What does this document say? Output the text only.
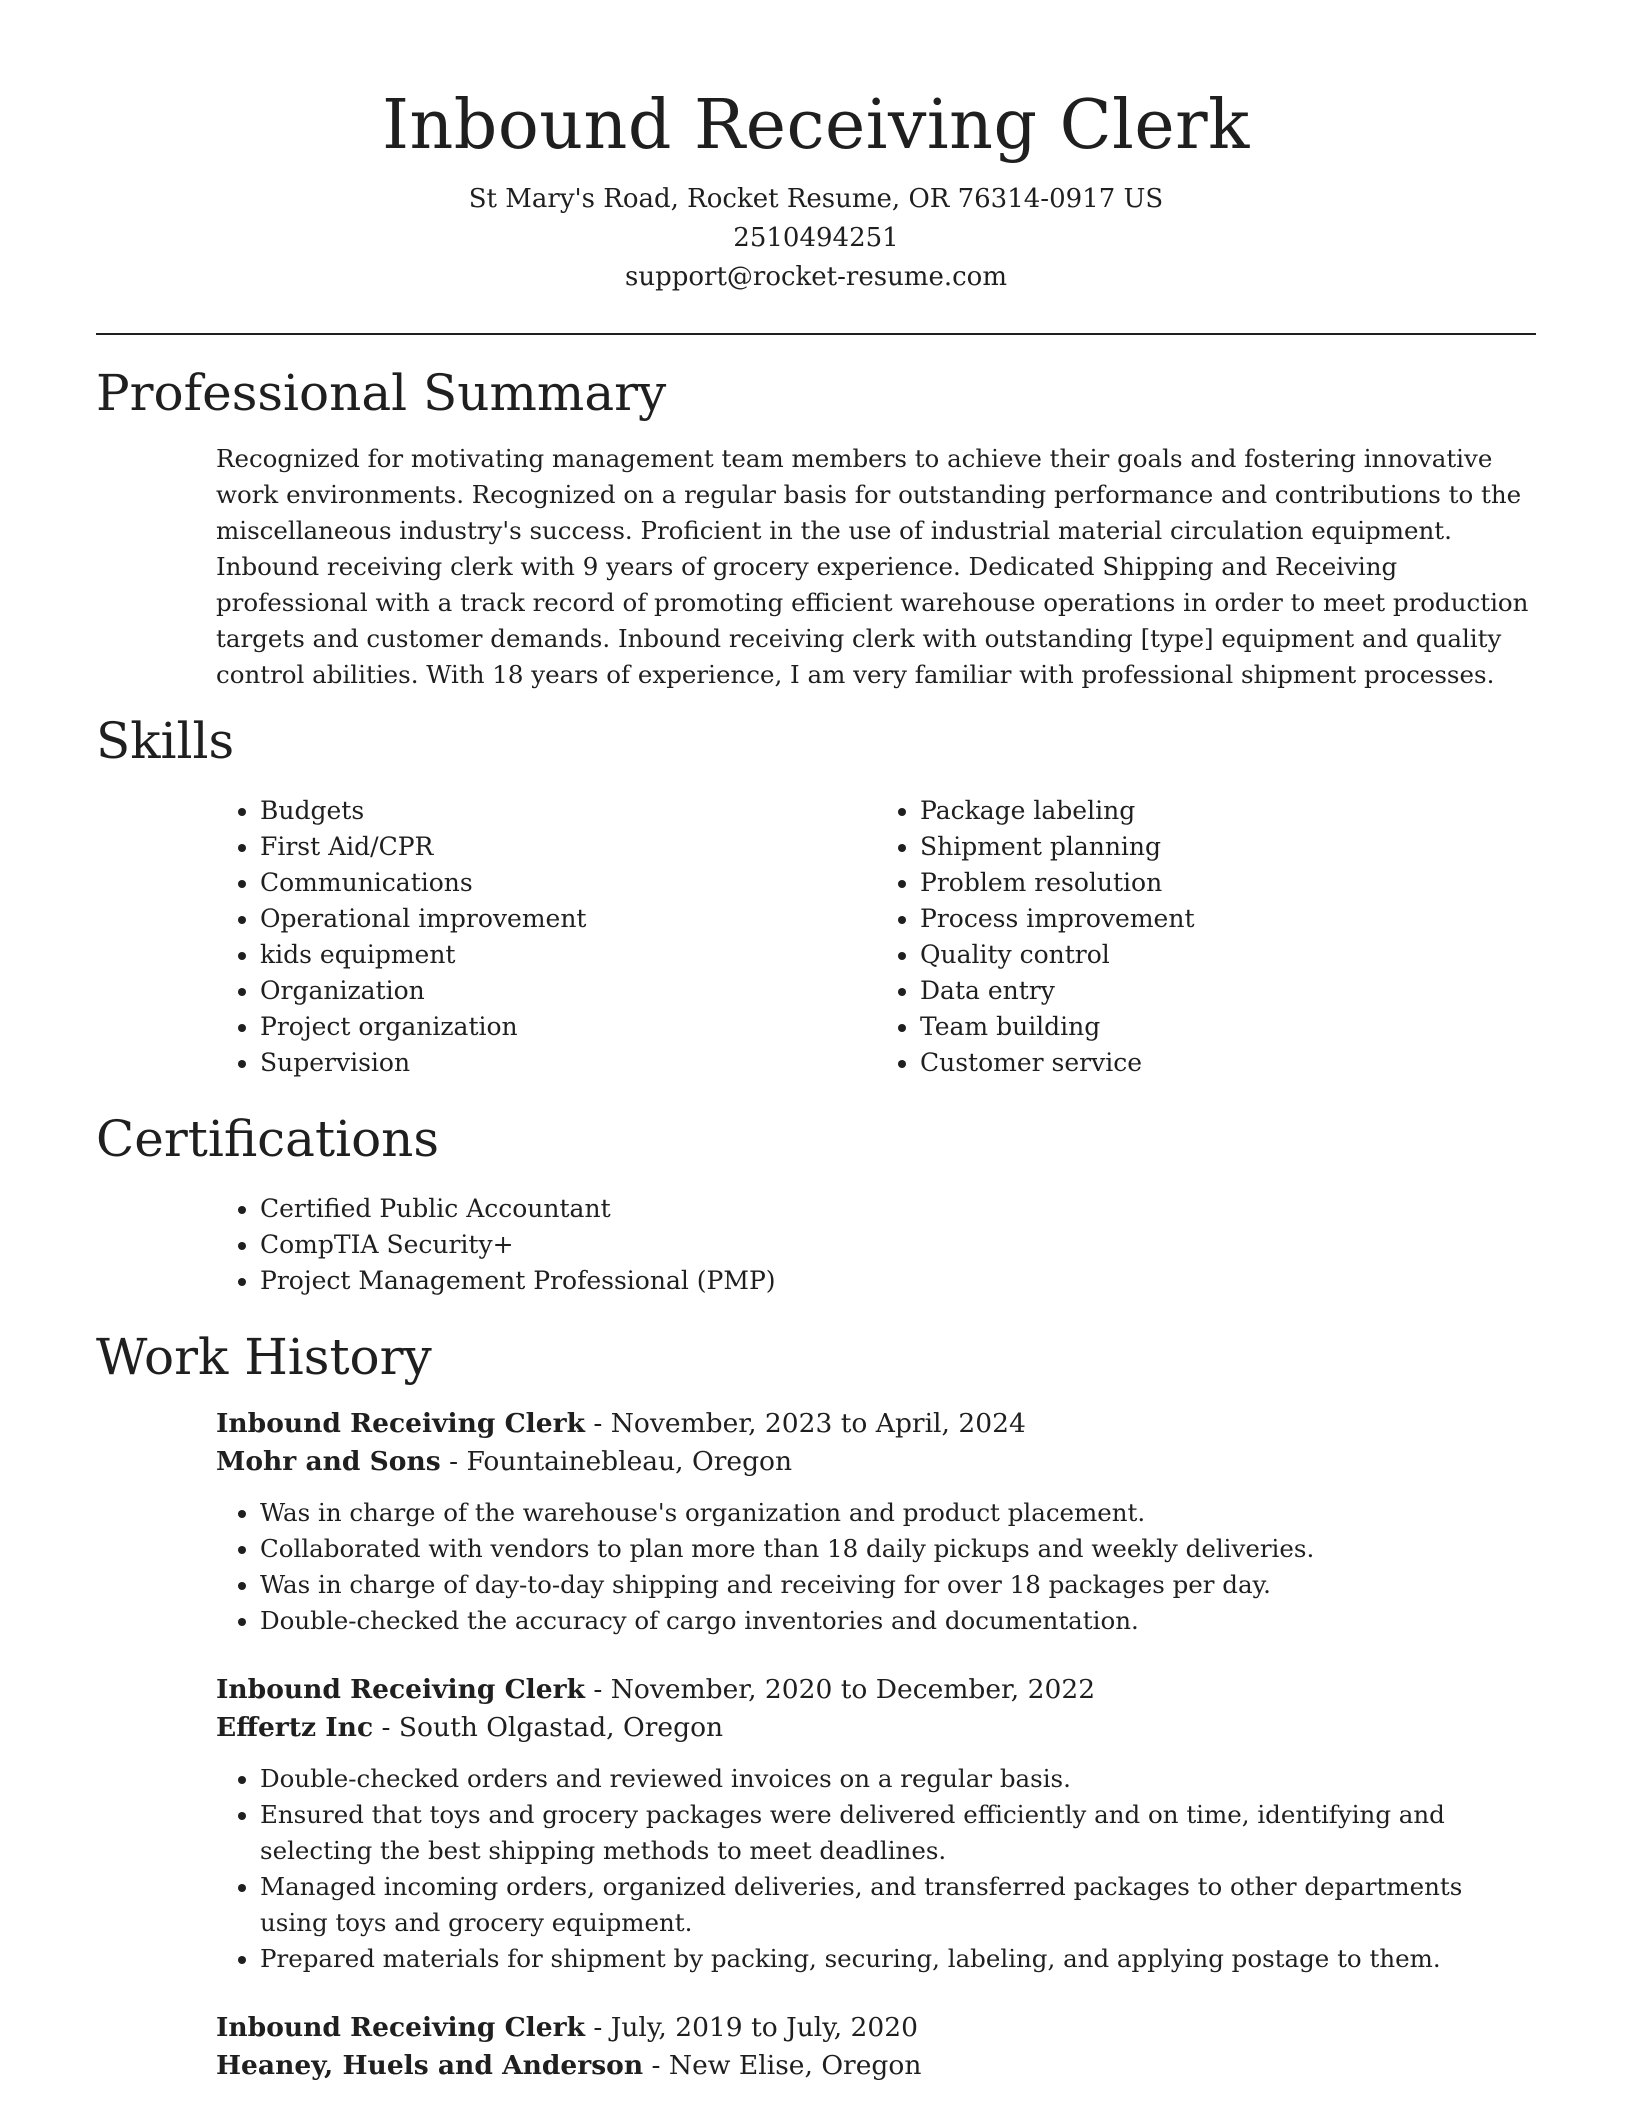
Inbound Receiving Clerk
St Mary's Road, Rocket Resume, OR 76314-0917 US
2510494251
support@rocket-resume.com
Professional Summary

Recognized for motivating management team members to achieve their goals and fostering innovative work environments. Recognized on a regular basis for outstanding performance and contributions to the miscellaneous industry's success. Proficient in the use of industrial material circulation equipment. Inbound receiving clerk with 9 years of grocery experience. Dedicated Shipping and Receiving professional with a track record of promoting efficient warehouse operations in order to meet production targets and customer demands. Inbound receiving clerk with outstanding [type] equipment and quality control abilities. With 18 years of experience, I am very familiar with professional shipment processes.

Skills
• Budgets
• First Aid/CPR
• Communications
• Operational improvement
• kids equipment
• Organization
• Project organization
• Supervision
• Package labeling
• Shipment planning
• Problem resolution
• Process improvement
• Quality control
• Data entry
• Team building
• Customer service
Certifications
• Certified Public Accountant
• CompTIA Security+
• Project Management Professional (PMP)
Work History
Inbound Receiving Clerk - November, 2023 to April, 2024
Mohr and Sons - Fountainebleau, Oregon
• Was in charge of the warehouse's organization and product placement.
• Collaborated with vendors to plan more than 18 daily pickups and weekly deliveries.
• Was in charge of day-to-day shipping and receiving for over 18 packages per day.
• Double-checked the accuracy of cargo inventories and documentation.
Inbound Receiving Clerk - November, 2020 to December, 2022
Effertz Inc - South Olgastad, Oregon
• Double-checked orders and reviewed invoices on a regular basis.
• Ensured that toys and grocery packages were delivered efficiently and on time, identifying and selecting the best shipping methods to meet deadlines.
• Managed incoming orders, organized deliveries, and transferred packages to other departments using toys and grocery equipment.
• Prepared materials for shipment by packing, securing, labeling, and applying postage to them.
Inbound Receiving Clerk - July, 2019 to July, 2020
Heaney, Huels and Anderson - New Elise, Oregon
